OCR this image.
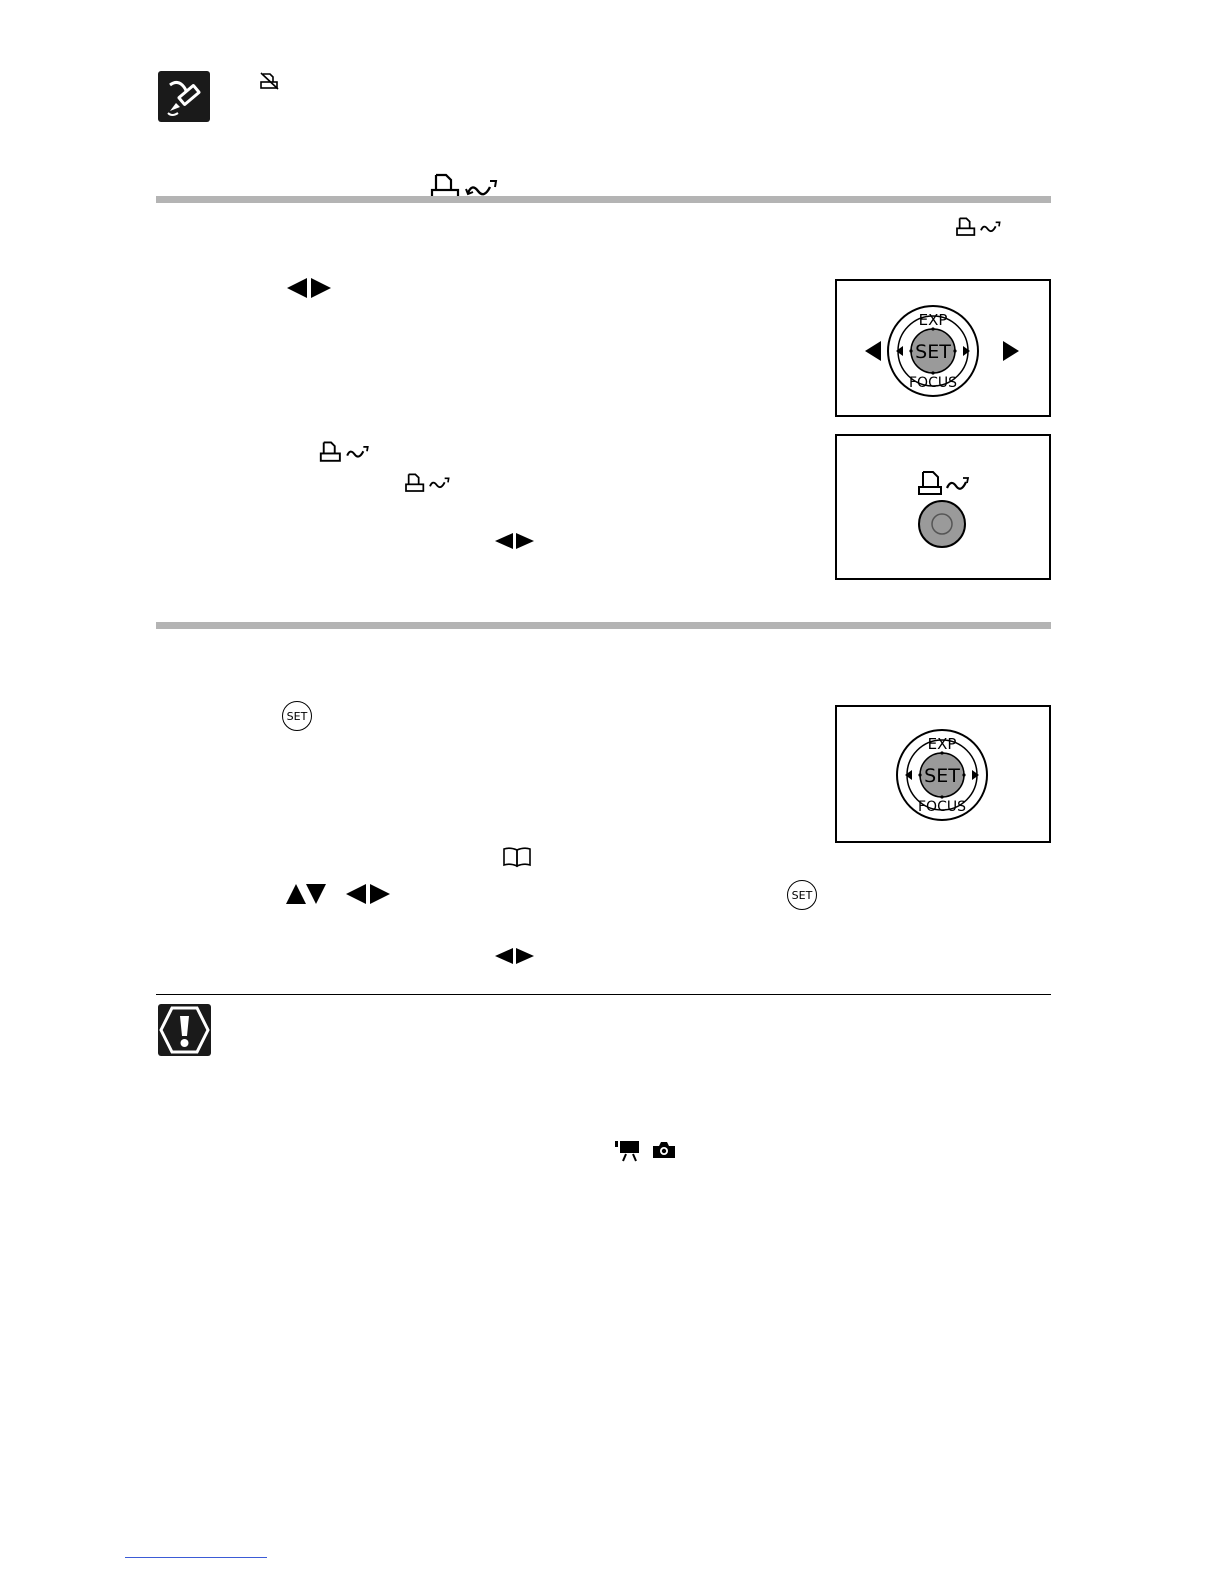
SET
EXP
FOCUS
SET
SET
EXP
FOCUS
SET
